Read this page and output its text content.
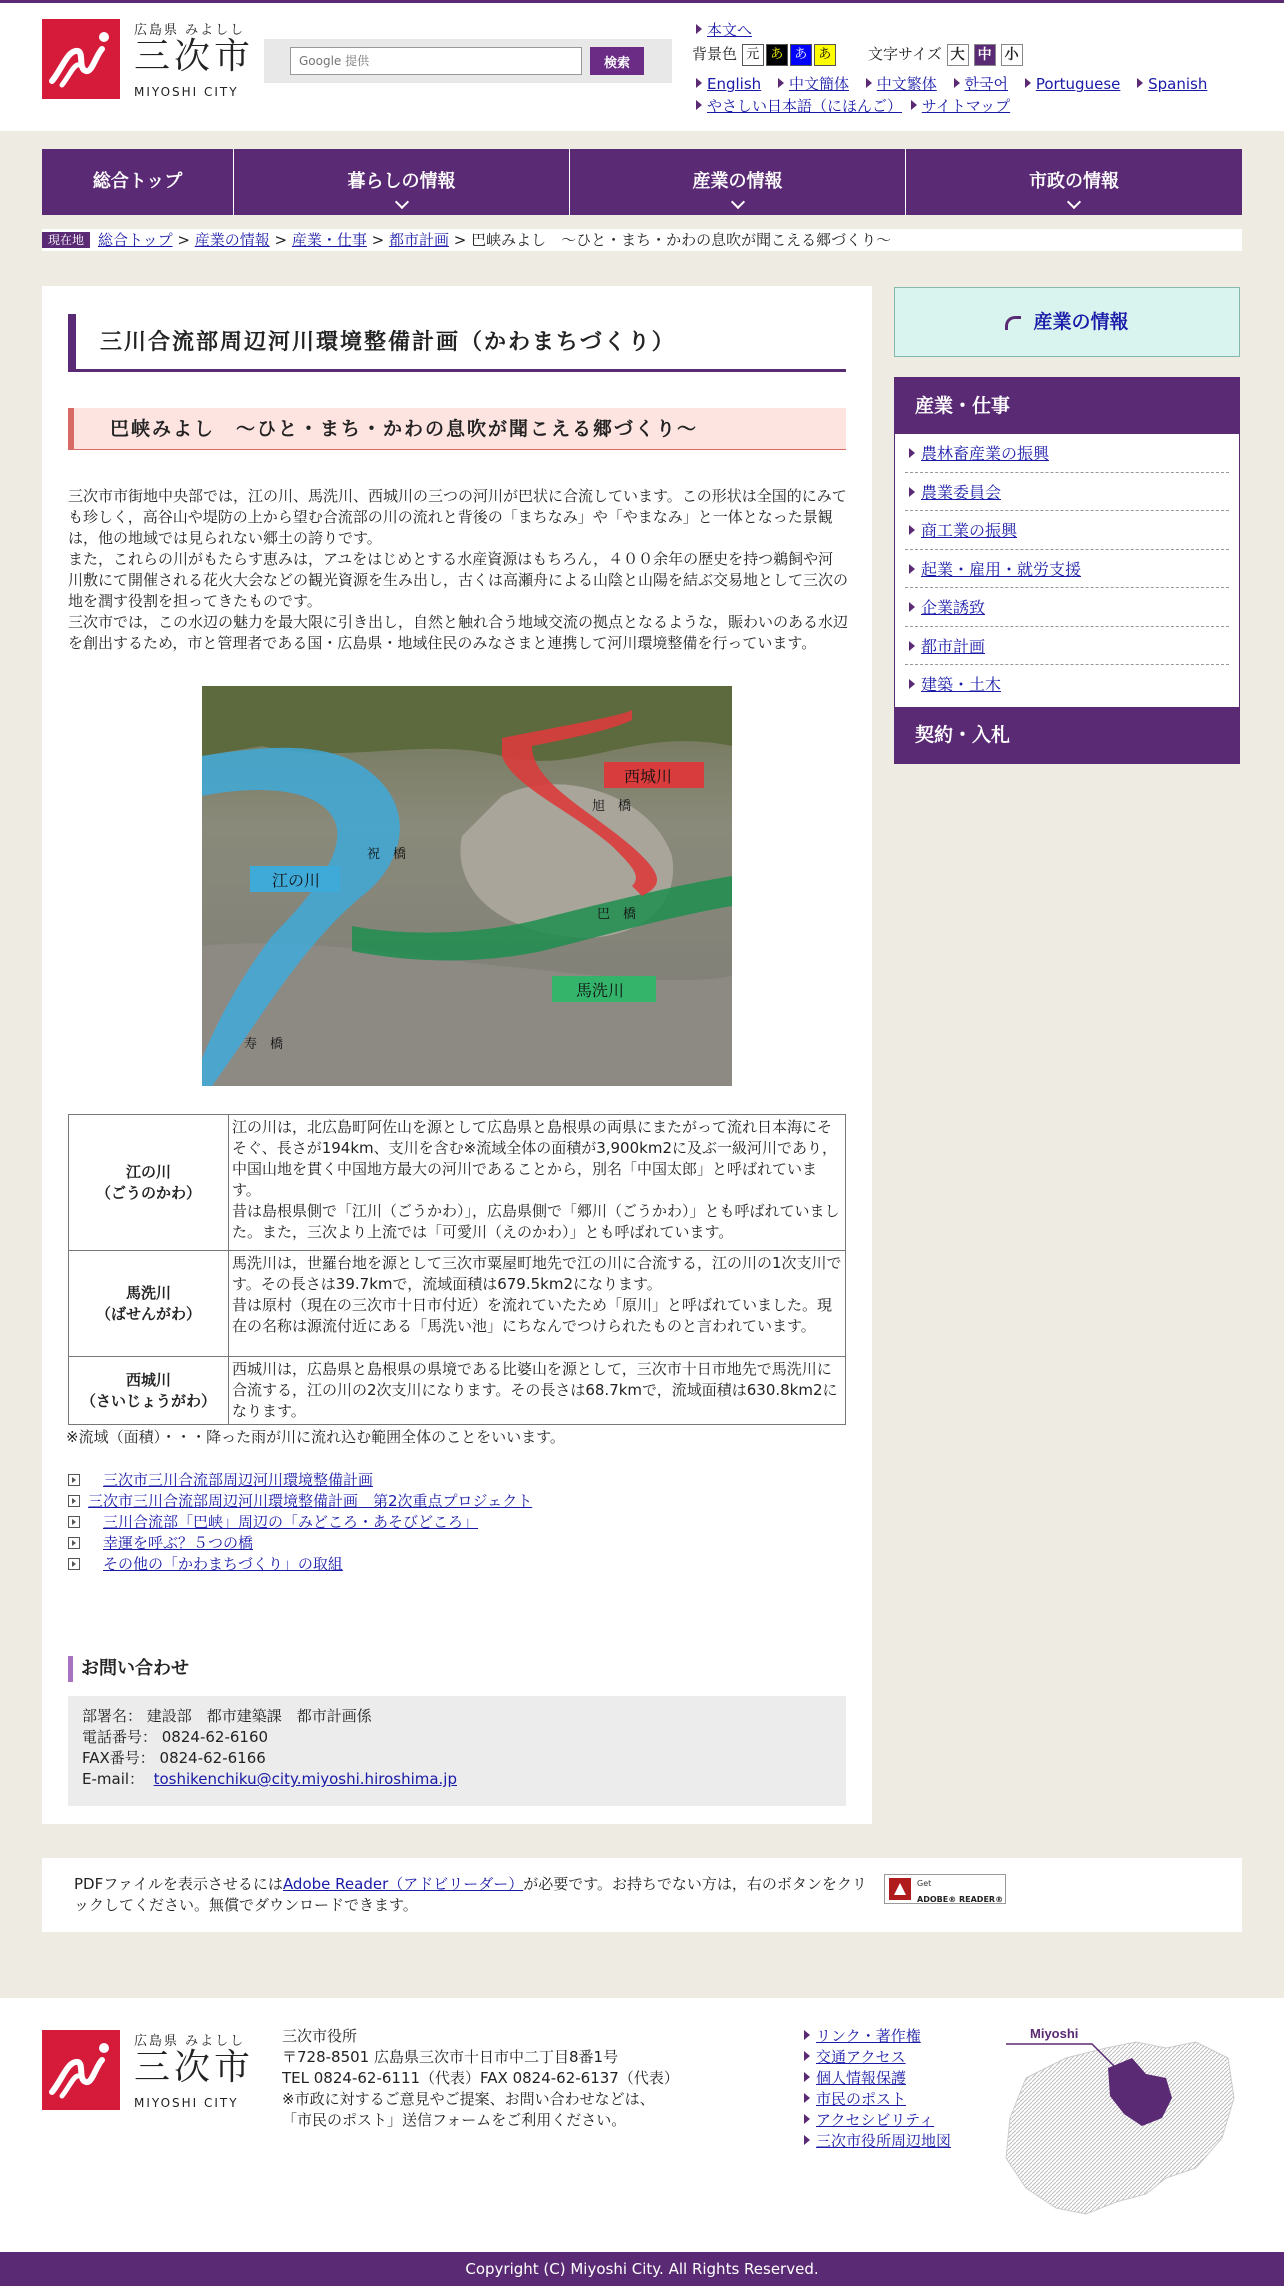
広島県 みよしし
三次市
MIYOSHI CITY
Google 提供
検索
本文へ
背景色 元 あ あ あ	文字サイズ 大 中 小
English 中文簡体 中文繁体 한국어 Portuguese Spanish
やさしい日本語（にほんご） サイトマップ
総合トップ	暮らしの情報	産業の情報	市政の情報
現在地 総合トップ > 産業の情報 > 産業・仕事 > 都市計画 > 巴峡みよし　～ひと・まち・かわの息吹が聞こえる郷づくり～
三川合流部周辺河川環境整備計画（かわまちづくり）
巴峡みよし　～ひと・まち・かわの息吹が聞こえる郷づくり～
三次市市街地中央部では，江の川、馬洗川、西城川の三つの河川が巴状に合流しています。この形状は全国的にみても珍しく，高谷山や堤防の上から望む合流部の川の流れと背後の「まちなみ」や「やまなみ」と一体となった景観は，他の地域では見られない郷土の誇りです。
また，これらの川がもたらす恵みは，アユをはじめとする水産資源はもちろん，４００余年の歴史を持つ鵜飼や河川敷にて開催される花火大会などの観光資源を生み出し，古くは高瀬舟による山陰と山陽を結ぶ交易地として三次の地を潤す役割を担ってきたものです。
三次市では，この水辺の魅力を最大限に引き出し，自然と触れ合う地域交流の拠点となるような，賑わいのある水辺を創出するため，市と管理者である国・広島県・地域住民のみなさまと連携して河川環境整備を行っています。
西城川
旭　橋
祝　橋
江の川
巴　橋
馬洗川
寿　橋
江の川
（ごうのかわ）	江の川は，北広島町阿佐山を源として広島県と島根県の両県にまたがって流れ日本海にそそぐ、長さが194km、支川を含む※流域全体の面積が3,900km2に及ぶ一級河川であり，中国山地を貫く中国地方最大の河川であることから，別名「中国太郎」と呼ばれています。
昔は島根県側で「江川（ごうかわ）」，広島県側で「郷川（ごうかわ）」とも呼ばれていました。また，三次より上流では「可愛川（えのかわ）」とも呼ばれています。
馬洗川
（ばせんがわ）	馬洗川は，世羅台地を源として三次市粟屋町地先で江の川に合流する，江の川の1次支川です。その長さは39.7kmで，流域面積は679.5km2になります。
昔は原村（現在の三次市十日市付近）を流れていたため「原川」と呼ばれていました。現在の名称は源流付近にある「馬洗い池」にちなんでつけられたものと言われています。
西城川
（さいじょうがわ）	西城川は，広島県と島根県の県境である比婆山を源として，三次市十日市地先で馬洗川に合流する，江の川の2次支川になります。その長さは68.7kmで，流域面積は630.8km2になります。
※流域（面積）・・・降った雨が川に流れ込む範囲全体のことをいいます。
　三次市三川合流部周辺河川環境整備計画
三次市三川合流部周辺河川環境整備計画　第2次重点プロジェクト
　三川合流部「巴峡」周辺の「みどころ・あそびどころ」
　幸運を呼ぶ？５つの橋
　その他の「かわまちづくり」の取組
お問い合わせ
部署名： 建設部　都市建築課　都市計画係
電話番号： 0824-62-6160
FAX番号： 0824-62-6166
E-mail：  toshikenchiku@city.miyoshi.hiroshima.jp
産業の情報
産業・仕事
農林畜産業の振興
農業委員会
商工業の振興
起業・雇用・就労支援
企業誘致
都市計画
建築・土木
契約・入札
PDFファイルを表示させるにはAdobe Reader（アドビリーダー）が必要です。お持ちでない方は，右のボタンをクリックしてください。無償でダウンロードできます。
Get
ADOBE® READER®
広島県 みよしし
三次市
MIYOSHI CITY
三次市役所
〒728-8501 広島県三次市十日市中二丁目8番1号
TEL 0824-62-6111（代表）FAX 0824-62-6137（代表）
※市政に対するご意見やご提案、お問い合わせなどは、
「市民のポスト」送信フォームをご利用ください。
リンク・著作権
交通アクセス
個人情報保護
市民のポスト
アクセシビリティ
三次市役所周辺地図
Miyoshi
Copyright (C) Miyoshi City. All Rights Reserved.
